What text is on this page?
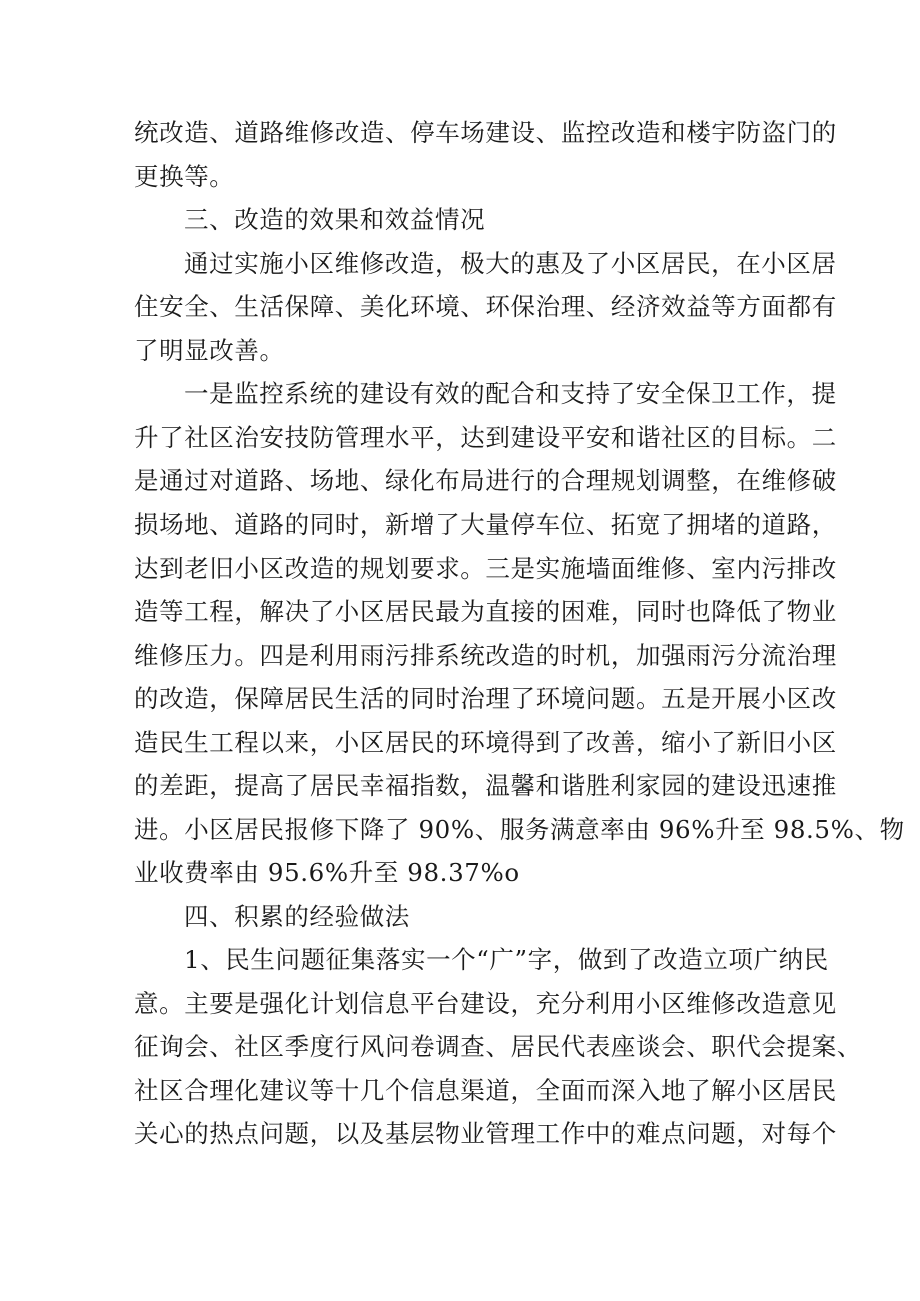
统改造、道路维修改造、停车场建设、监控改造和楼宇防盗门的
更换等。
三、改造的效果和效益情况
通过实施小区维修改造，极大的惠及了小区居民，在小区居
住安全、生活保障、美化环境、环保治理、经济效益等方面都有
了明显改善。
一是监控系统的建设有效的配合和支持了安全保卫工作，提
升了社区治安技防管理水平，达到建设平安和谐社区的目标。二
是通过对道路、场地、绿化布局进行的合理规划调整，在维修破
损场地、道路的同时，新增了大量停车位、拓宽了拥堵的道路，
达到老旧小区改造的规划要求。三是实施墙面维修、室内污排改
造等工程，解决了小区居民最为直接的困难，同时也降低了物业
维修压力。四是利用雨污排系统改造的时机，加强雨污分流治理
的改造，保障居民生活的同时治理了环境问题。五是开展小区改
造民生工程以来，小区居民的环境得到了改善，缩小了新旧小区
的差距，提高了居民幸福指数，温馨和谐胜利家园的建设迅速推
进。小区居民报修下降了 90%、服务满意率由 96%升至 98.5%、物
业收费率由 95.6%升至 98.37%o
四、积累的经验做法
1、民生问题征集落实一个“广”字，做到了改造立项广纳民
意。主要是强化计划信息平台建设，充分利用小区维修改造意见
征询会、社区季度行风问卷调查、居民代表座谈会、职代会提案、
社区合理化建议等十几个信息渠道，全面而深入地了解小区居民
关心的热点问题，以及基层物业管理工作中的难点问题，对每个
